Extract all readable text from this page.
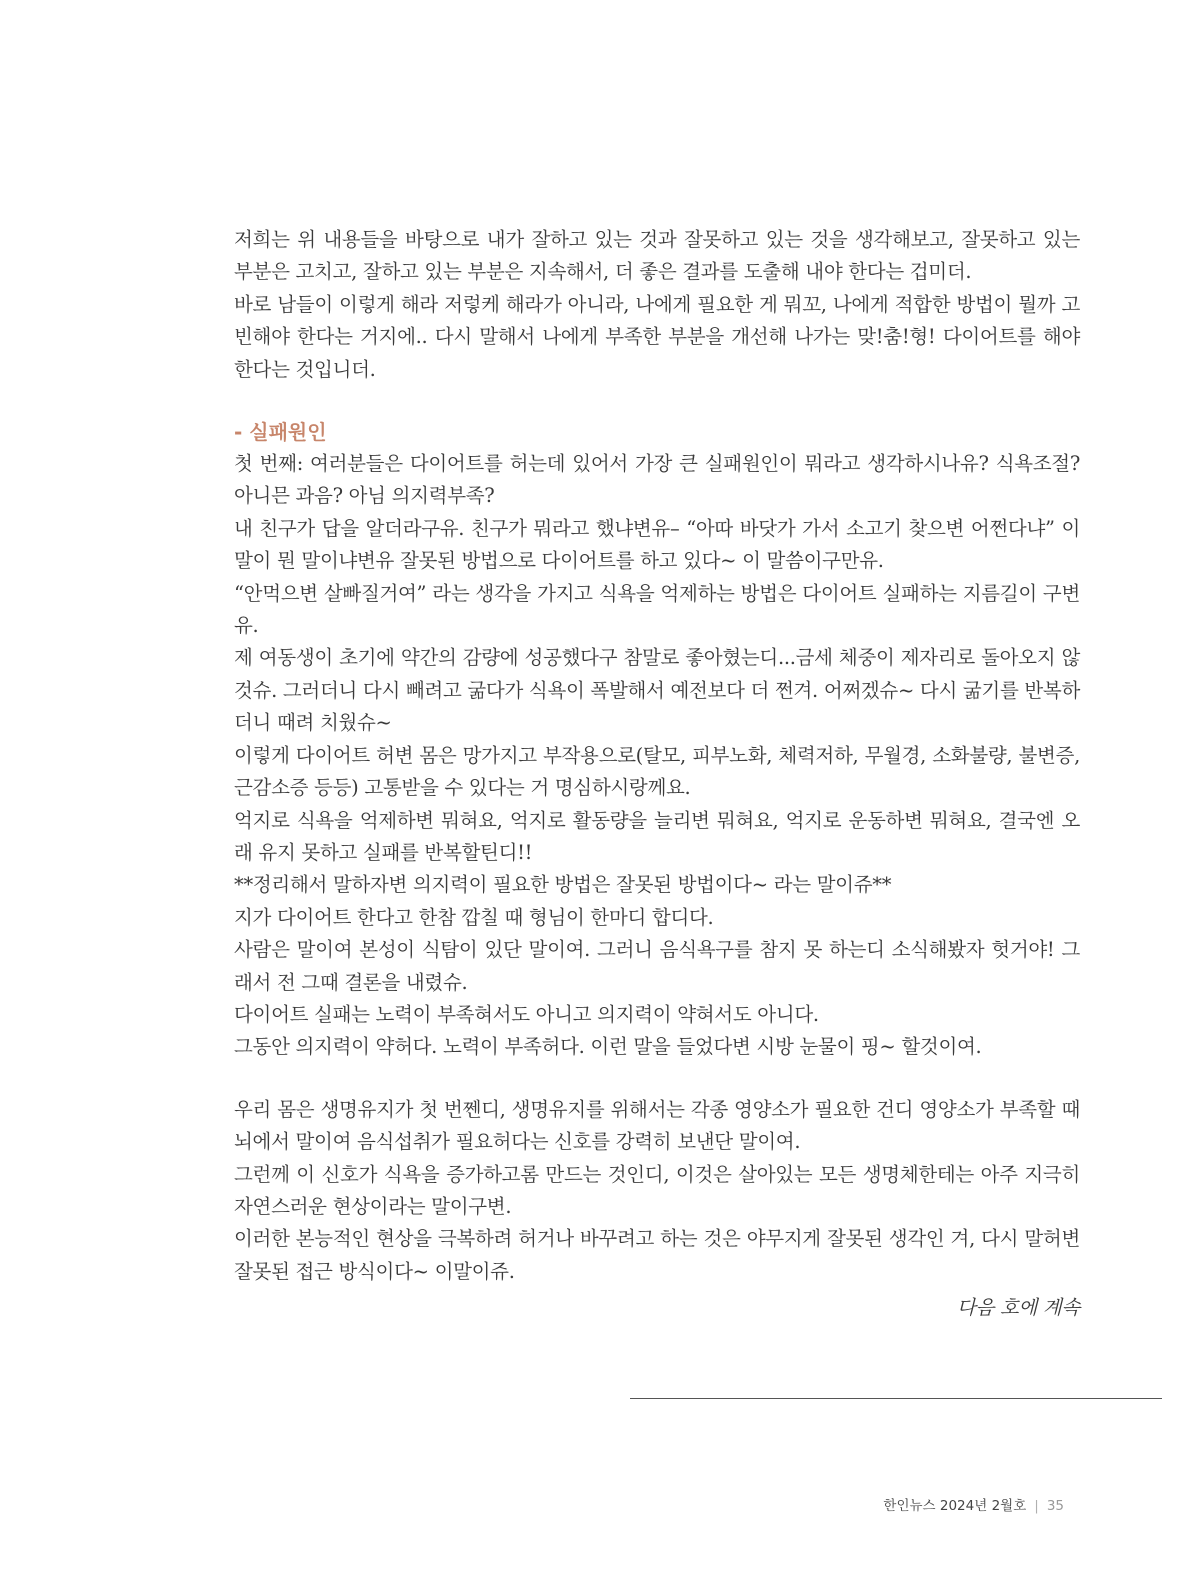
저희는 위 내용들을 바탕으로 내가 잘하고 있는 것과 잘못하고 있는 것을 생각해보고, 잘못하고 있는 부분은 고치고, 잘하고 있는 부분은 지속해서, 더 좋은 결과를 도출해 내야 한다는 겁미더.

바로 남들이 이렇게 해라 저렇케 해라가 아니라, 나에게 필요한 게 뭐꼬, 나에게 적합한 방법이 뭘까 고빈해야 한다는 거지에.. 다시 말해서 나에게 부족한 부분을 개선해 나가는 맞!춤!형! 다이어트를 해야 한다는 것입니더.

- 실패원인

첫 번째: 여러분들은 다이어트를 허는데 있어서 가장 큰 실패원인이 뭐라고 생각하시나유? 식욕조절? 아니믄 과음? 아님 의지력부족?

내 친구가 답을 알더라구유. 친구가 뭐라고 했냐변유– “아따 바닷가 가서 소고기 찾으변 어쩐다냐” 이말이 뭔 말이냐변유 잘못된 방법으로 다이어트를 하고 있다~ 이 말씀이구만유.

“안먹으변 살빠질거여” 라는 생각을 가지고 식욕을 억제하는 방법은 다이어트 실패하는 지름길이 구변유.

제 여동생이 초기에 약간의 감량에 성공했다구 참말로 좋아혔는디...금세 체중이 제자리로 돌아오지 않것슈. 그러더니 다시 빼려고 굶다가 식욕이 폭발해서 예전보다 더 쩐겨. 어쩌겠슈~ 다시 굶기를 반복하더니 때려 치웠슈~

이렇게 다이어트 허변 몸은 망가지고 부작용으로(탈모, 피부노화, 체력저하, 무월경, 소화불량, 불변증, 근감소증 등등) 고통받을 수 있다는 거 명심하시랑께요.

억지로 식욕을 억제하변 뭐혀요, 억지로 활동량을 늘리변 뭐혀요, 억지로 운동하변 뭐혀요, 결국엔 오래 유지 못하고 실패를 반복할틴디!!

**정리해서 말하자변 의지력이 필요한 방법은 잘못된 방법이다~ 라는 말이쥬**

지가 다이어트 한다고 한참 깝칠 때 형님이 한마디 합디다.

사람은 말이여 본성이 식탐이 있단 말이여. 그러니 음식욕구를 참지 못 하는디 소식해봤자 헛거야! 그래서 전 그때 결론을 내렸슈.

다이어트 실패는 노력이 부족혀서도 아니고 의지력이 약혀서도 아니다.

그동안 의지력이 약허다. 노력이 부족허다. 이런 말을 들었다변 시방 눈물이 핑~ 할것이여.

우리 몸은 생명유지가 첫 번쩬디, 생명유지를 위해서는 각종 영양소가 필요한 건디 영양소가 부족할 때 뇌에서 말이여 음식섭취가 필요허다는 신호를 강력히 보낸단 말이여.

그런께 이 신호가 식욕을 증가하고롬 만드는 것인디, 이것은 살아있는 모든 생명체한테는 아주 지극히 자연스러운 현상이라는 말이구변.

이러한 본능적인 현상을 극복하려 허거나 바꾸려고 하는 것은 야무지게 잘못된 생각인 겨, 다시 말허변 잘못된 접근 방식이다~ 이말이쥬.

다음 호에 계속

한인뉴스 2024년 2월호 | 35
